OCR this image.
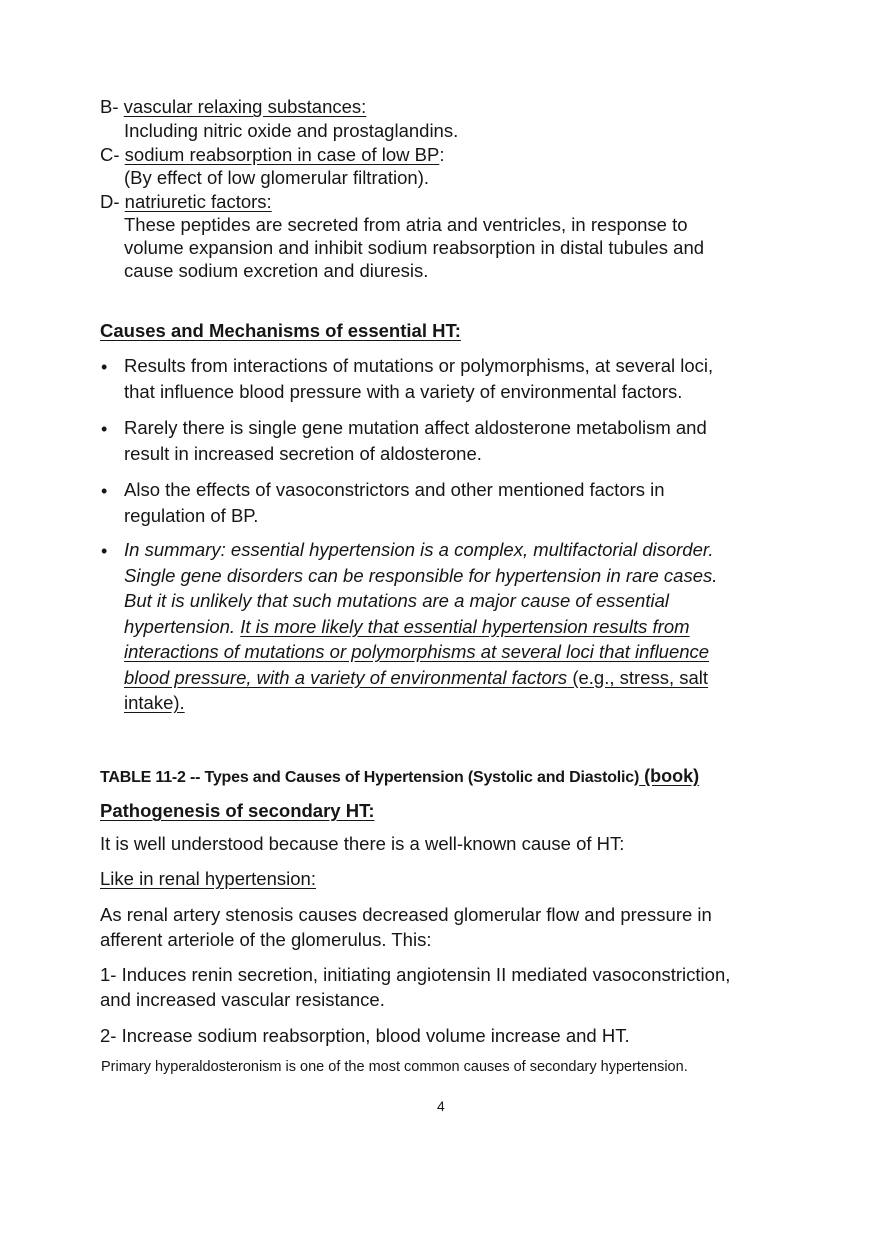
B- vascular relaxing substances:
Including nitric oxide and prostaglandins.
C- sodium reabsorption in case of low BP:
(By effect of low glomerular filtration).
D- natriuretic factors:
These peptides are secreted from atria and ventricles, in response to
volume expansion and inhibit sodium reabsorption in distal tubules and
cause sodium excretion and diuresis.
Causes and Mechanisms of essential HT:
• Results from interactions of mutations or polymorphisms, at several loci,
that influence blood pressure with a variety of environmental factors.
• Rarely there is single gene mutation affect aldosterone metabolism and
result in increased secretion of aldosterone.
• Also the effects of vasoconstrictors and other mentioned factors in
regulation of BP.
• In summary: essential hypertension is a complex, multifactorial disorder.

Single gene disorders can be responsible for hypertension in rare cases.

But it is unlikely that such mutations are a major cause of essential

hypertension. It is more likely that essential hypertension results from

interactions of mutations or polymorphisms at several loci that influence

blood pressure, with a variety of environmental factors (e.g., stress, salt

intake).

TABLE 11-2 -- Types and Causes of Hypertension (Systolic and Diastolic) (book)
Pathogenesis of secondary HT:
It is well understood because there is a well-known cause of HT:
Like in renal hypertension:
As renal artery stenosis causes decreased glomerular flow and pressure in
afferent arteriole of the glomerulus. This:
1- Induces renin secretion, initiating angiotensin II mediated vasoconstriction,
and increased vascular resistance.
2- Increase sodium reabsorption, blood volume increase and HT.
Primary hyperaldosteronism is one of the most common causes of secondary hypertension.
4
